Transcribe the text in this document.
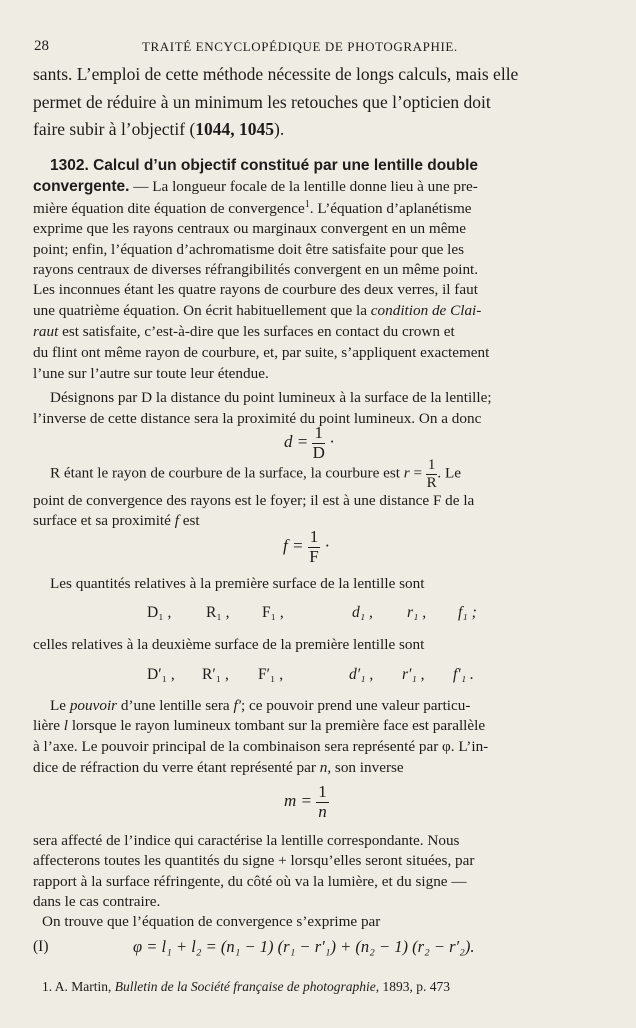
28	TRAITÉ ENCYCLOPÉDIQUE DE PHOTOGRAPHIE.
sants. L’emploi de cette méthode nécessite de longs calculs, mais elle
permet de réduire à un minimum les retouches que l’opticien doit
faire subir à l’objectif (1044, 1045).
1302. Calcul d’un objectif constitué par une lentille double
convergente. — La longueur focale de la lentille donne lieu à une pre-
mière équation dite équation de convergence$^1$. L’équation d’aplanétisme
exprime que les rayons centraux ou marginaux convergent en un même
point; enfin, l’équation d’achromatisme doit être satisfaite pour que les
rayons centraux de diverses réfrangibilités convergent en un même point.
Les inconnues étant les quatre rayons de courbure des deux verres, il faut
une quatrième équation. On écrit habituellement que la condition de Clai-
raut est satisfaite, c’est-à-dire que les surfaces en contact du crown et
du flint ont même rayon de courbure, et, par suite, s’appliquent exactement
l’une sur l’autre sur toute leur étendue.
Désignons par D la distance du point lumineux à la surface de la lentille;
l’inverse de cette distance sera la proximité du point lumineux. On a donc
$d = \frac{1}{D}$ ·
R étant le rayon de courbure de la surface, la courbure est $r = \frac{1}{R}$ . Le
point de convergence des rayons est le foyer; il est à une distance F de la
surface et sa proximité f est
$f = \frac{1}{F}$ ·
Les quantités relatives à la première surface de la lentille sont
D₁ , R₁ , F₁ ,	d₁ , r₁ , f₁ ;
celles relatives à la deuxième surface de la première lentille sont
D′₁ , R′₁ , F′₁ ,	d′₁ , r′₁ , f′₁ .
Le pouvoir d’une lentille sera f′; ce pouvoir prend une valeur particu-
lière l lorsque le rayon lumineux tombant sur la première face est parallèle
à l’axe. Le pouvoir principal de la combinaison sera représenté par φ. L’in-
dice de réfraction du verre étant représenté par n, son inverse
$m = \frac{1}{n}$
sera affecté de l’indice qui caractérise la lentille correspondante. Nous
affecterons toutes les quantités du signe + lorsqu’elles seront situées, par
rapport à la surface réfringente, du côté où va la lumière, et du signe —
dans le cas contraire.
On trouve que l’équation de convergence s’exprime par
(I)	φ = l₁ + l₂ = (n₁ − 1) (r₁ − r′₁) + (n₂ − 1) (r₂ − r′₂).
1. A. Martin, Bulletin de la Société française de photographie, 1893, p. 473
